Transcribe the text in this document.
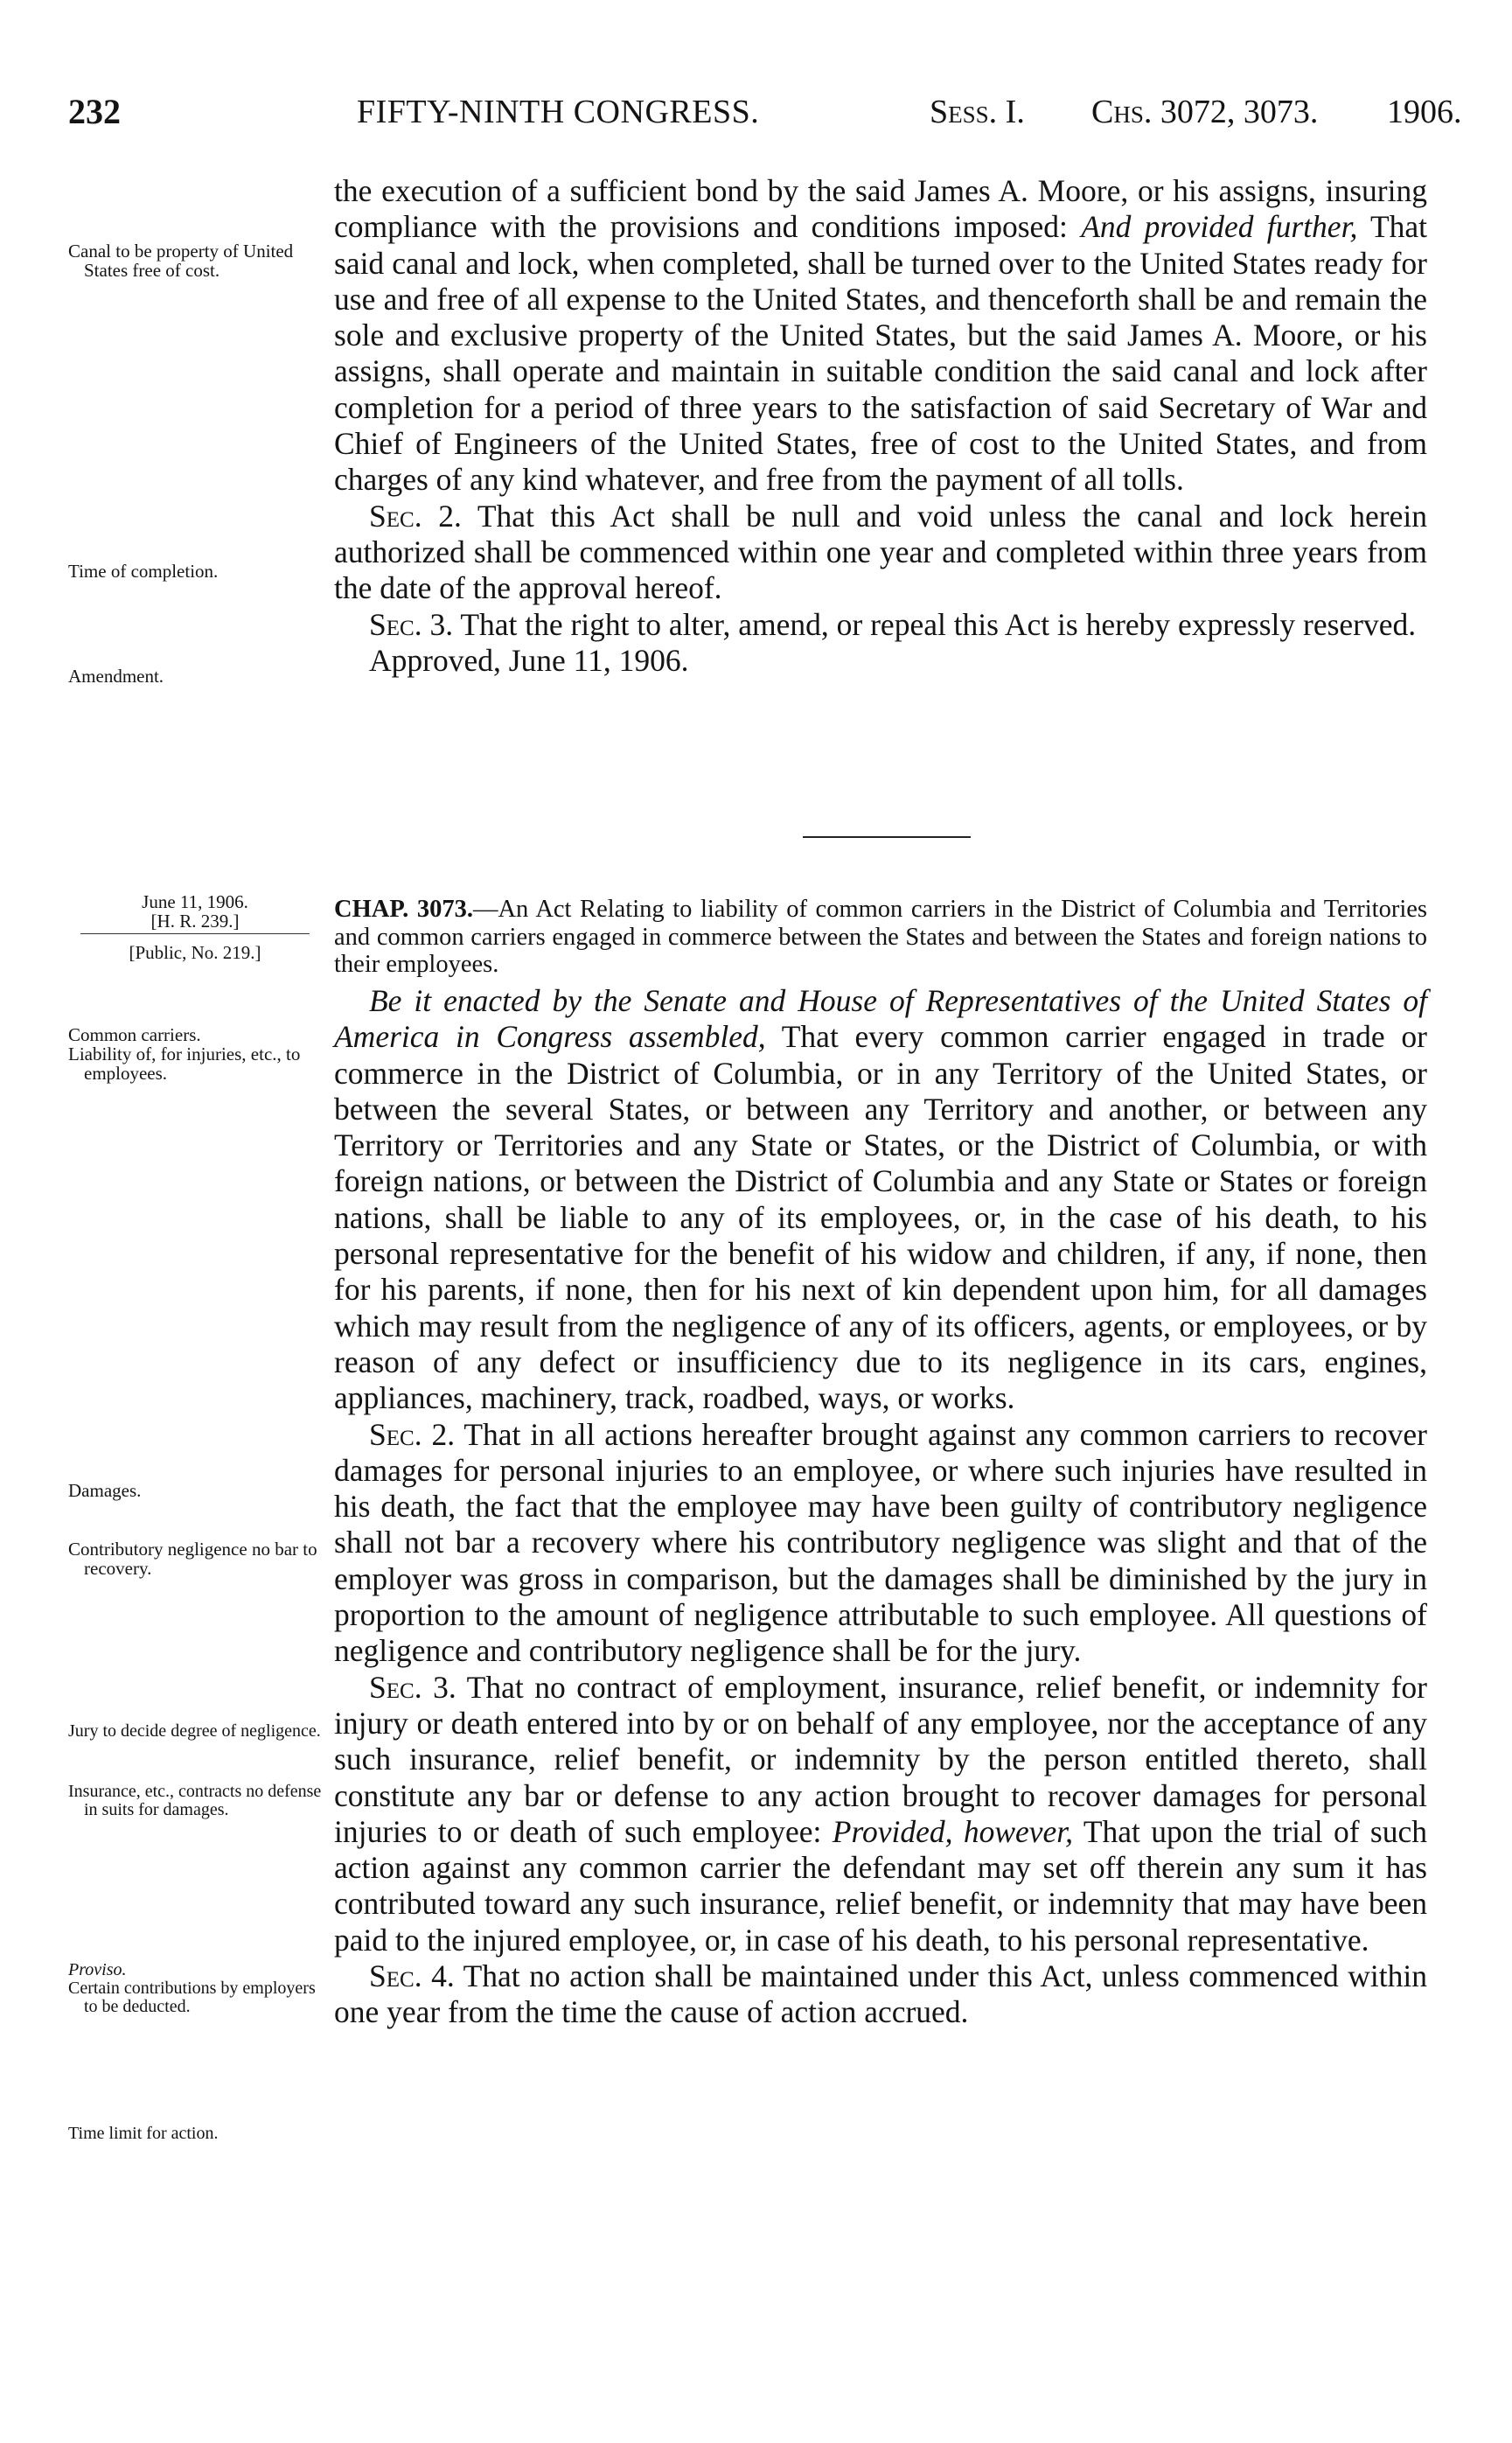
232	FIFTY-NINTH CONGRESS.	Sess. I. Chs. 3072, 3073. 1906.

the execution of a sufficient bond by the said James A. Moore, or his assigns, insuring compliance with the provisions and conditions imposed: And provided further, That said canal and lock, when completed, shall be turned over to the United States ready for use and free of all expense to the United States, and thenceforth shall be and remain the sole and exclusive property of the United States, but the said James A. Moore, or his assigns, shall operate and maintain in suitable condition the said canal and lock after completion for a period of three years to the satisfaction of said Secretary of War and Chief of Engineers of the United States, free of cost to the United States, and from charges of any kind whatever, and free from the payment of all tolls.

Sec. 2. That this Act shall be null and void unless the canal and lock herein authorized shall be commenced within one year and completed within three years from the date of the approval hereof.

Sec. 3. That the right to alter, amend, or repeal this Act is hereby expressly reserved.

Approved, June 11, 1906.

Canal to be property of United States free of cost.
Time of completion.
Amendment.
June 11, 1906.
[H. R. 239.]
[Public, No. 219.]

CHAP. 3073.—An Act Relating to liability of common carriers in the District of Columbia and Territories and common carriers engaged in commerce between the States and between the States and foreign nations to their employees.

Be it enacted by the Senate and House of Representatives of the United States of America in Congress assembled, That every common carrier engaged in trade or commerce in the District of Columbia, or in any Territory of the United States, or between the several States, or between any Territory and another, or between any Territory or Territories and any State or States, or the District of Columbia, or with foreign nations, or between the District of Columbia and any State or States or foreign nations, shall be liable to any of its employees, or, in the case of his death, to his personal representative for the benefit of his widow and children, if any, if none, then for his parents, if none, then for his next of kin dependent upon him, for all damages which may result from the negligence of any of its officers, agents, or employees, or by reason of any defect or insufficiency due to its negligence in its cars, engines, appliances, machinery, track, roadbed, ways, or works.

Sec. 2. That in all actions hereafter brought against any common carriers to recover damages for personal injuries to an employee, or where such injuries have resulted in his death, the fact that the employee may have been guilty of contributory negligence shall not bar a recovery where his contributory negligence was slight and that of the employer was gross in comparison, but the damages shall be diminished by the jury in proportion to the amount of negligence attributable to such employee. All questions of negligence and contributory negligence shall be for the jury.

Sec. 3. That no contract of employment, insurance, relief benefit, or indemnity for injury or death entered into by or on behalf of any employee, nor the acceptance of any such insurance, relief benefit, or indemnity by the person entitled thereto, shall constitute any bar or defense to any action brought to recover damages for personal injuries to or death of such employee: Provided, however, That upon the trial of such action against any common carrier the defendant may set off therein any sum it has contributed toward any such insurance, relief benefit, or indemnity that may have been paid to the injured employee, or, in case of his death, to his personal representative.

Sec. 4. That no action shall be maintained under this Act, unless commenced within one year from the time the cause of action accrued.

Common carriers.
Liability of, for injuries, etc., to employees.
Damages.
Contributory negligence no bar to recovery.
Jury to decide degree of negligence.
Insurance, etc., contracts no defense in suits for damages.
Proviso.
Certain contributions by employers to be deducted.
Time limit for action.
